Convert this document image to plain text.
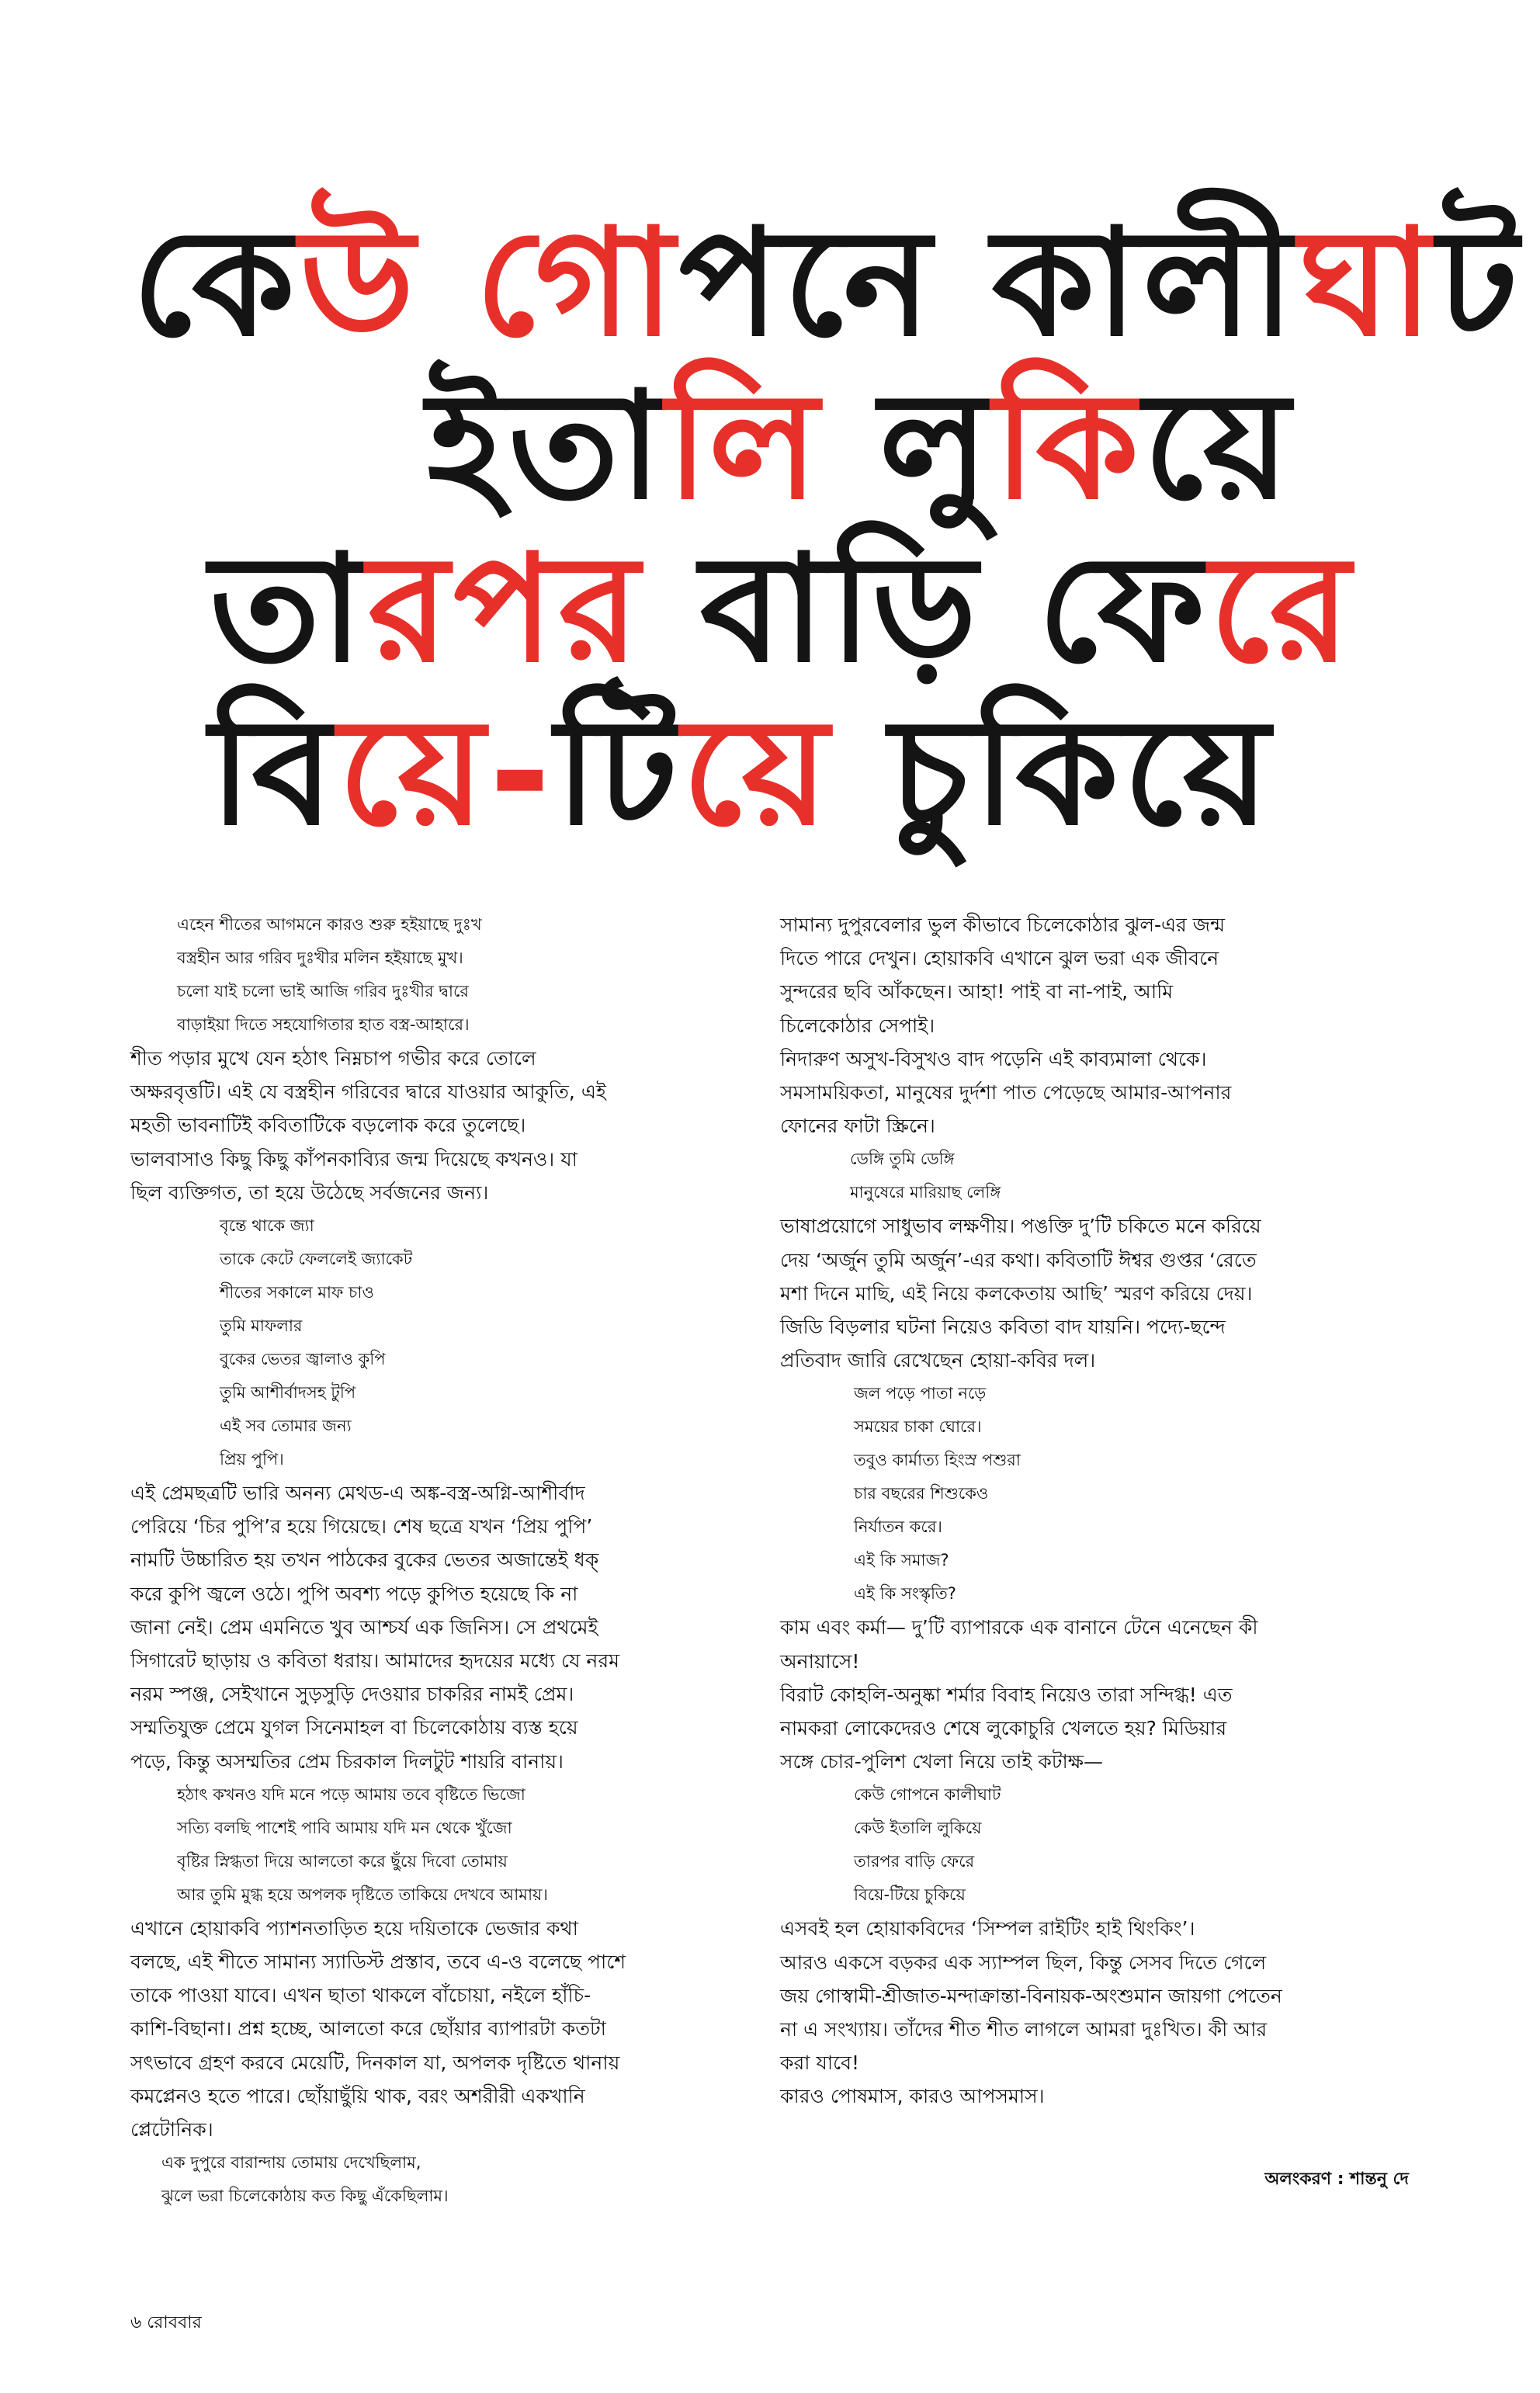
কেউ গোপনে কালীঘাট
ইতালি লুকিয়ে
তারপর বাড়ি ফেরে
বিয়ে-টিয়ে চুকিয়ে

এহেন শীতের আগমনে কারও শুরু হইয়াছে দুঃখ
বস্ত্রহীন আর গরিব দুঃখীর মলিন হইয়াছে মুখ।
চলো যাই চলো ভাই আজি গরিব দুঃখীর দ্বারে
বাড়াইয়া দিতে সহযোগিতার হাত বস্ত্র-আহারে।

শীত পড়ার মুখে যেন হঠাৎ নিম্নচাপ গভীর করে তোলে
অক্ষরবৃত্তটি। এই যে বস্ত্রহীন গরিবের দ্বারে যাওয়ার আকুতি, এই
মহতী ভাবনাটিই কবিতাটিকে বড়লোক করে তুলেছে।

ভালবাসাও কিছু কিছু কাঁপনকাব্যির জন্ম দিয়েছে কখনও। যা
ছিল ব্যক্তিগত, তা হয়ে উঠেছে সর্বজনের জন্য।

বৃন্তে থাকে জ্যা
তাকে কেটে ফেললেই জ্যাকেট
শীতের সকালে মাফ চাও
তুমি মাফলার
বুকের ভেতর জ্বালাও কুপি
তুমি আশীর্বাদসহ টুপি
এই সব তোমার জন্য
প্রিয় পুপি।

এই প্রেমছত্রটি ভারি অনন্য মেথড-এ অঙ্ক-বস্ত্র-অগ্নি-আশীর্বাদ
পেরিয়ে ‘চির পুপি’র হয়ে গিয়েছে। শেষ ছত্রে যখন ‘প্রিয় পুপি’
নামটি উচ্চারিত হয় তখন পাঠকের বুকের ভেতর অজান্তেই ধক্
করে কুপি জ্বলে ওঠে। পুপি অবশ্য পড়ে কুপিত হয়েছে কি না
জানা নেই। প্রেম এমনিতে খুব আশ্চর্য এক জিনিস। সে প্রথমেই
সিগারেট ছাড়ায় ও কবিতা ধরায়। আমাদের হৃদয়ের মধ্যে যে নরম
নরম স্পঞ্জ, সেইখানে সুড়সুড়ি দেওয়ার চাকরির নামই প্রেম।
সম্মতিযুক্ত প্রেমে যুগল সিনেমাহল বা চিলেকোঠায় ব্যস্ত হয়ে
পড়ে, কিন্তু অসম্মতির প্রেম চিরকাল দিলটুট শায়রি বানায়।

হঠাৎ কখনও যদি মনে পড়ে আমায় তবে বৃষ্টিতে ভিজো
সত্যি বলছি পাশেই পাবি আমায় যদি মন থেকে খুঁজো
বৃষ্টির স্নিগ্ধতা দিয়ে আলতো করে ছুঁয়ে দিবো তোমায়
আর তুমি মুগ্ধ হয়ে অপলক দৃষ্টিতে তাকিয়ে দেখবে আমায়।

এখানে হোয়াকবি প্যাশনতাড়িত হয়ে দয়িতাকে ভেজার কথা
বলছে, এই শীতে সামান্য স্যাডিস্ট প্রস্তাব, তবে এ-ও বলেছে পাশে
তাকে পাওয়া যাবে। এখন ছাতা থাকলে বাঁচোয়া, নইলে হাঁচি-
কাশি-বিছানা। প্রশ্ন হচ্ছে, আলতো করে ছোঁয়ার ব্যাপারটা কতটা
সৎভাবে গ্রহণ করবে মেয়েটি, দিনকাল যা, অপলক দৃষ্টিতে থানায়
কমপ্লেনও হতে পারে। ছোঁয়াছুঁয়ি থাক, বরং অশরীরী একখানি
প্লেটোনিক।

এক দুপুরে বারান্দায় তোমায় দেখেছিলাম,
ঝুলে ভরা চিলেকোঠায় কত কিছু এঁকেছিলাম।

সামান্য দুপুরবেলার ভুল কীভাবে চিলেকোঠার ঝুল-এর জন্ম
দিতে পারে দেখুন। হোয়াকবি এখানে ঝুল ভরা এক জীবনে
সুন্দরের ছবি আঁকছেন। আহা! পাই বা না-পাই, আমি
চিলেকোঠার সেপাই।

নিদারুণ অসুখ-বিসুখও বাদ পড়েনি এই কাব্যমালা থেকে।
সমসাময়িকতা, মানুষের দুর্দশা পাত পেড়েছে আমার-আপনার
ফোনের ফাটা স্ক্রিনে।

ডেঙ্গি তুমি ডেঙ্গি
মানুষেরে মারিয়াছ লেঙ্গি

ভাষাপ্রয়োগে সাধুভাব লক্ষণীয়। পঙক্তি দু’টি চকিতে মনে করিয়ে
দেয় ‘অর্জুন তুমি অর্জুন’-এর কথা। কবিতাটি ঈশ্বর গুপ্তর ‘রেতে
মশা দিনে মাছি, এই নিয়ে কলকেতায় আছি’ স্মরণ করিয়ে দেয়।

জিডি বিড়লার ঘটনা নিয়েও কবিতা বাদ যায়নি। পদ্যে-ছন্দে
প্রতিবাদ জারি রেখেছেন হোয়া-কবির দল।

জল পড়ে পাতা নড়ে
সময়ের চাকা ঘোরে।
তবুও কার্মাত্য হিংস্র পশুরা
চার বছরের শিশুকেও
নির্যাতন করে।
এই কি সমাজ?
এই কি সংস্কৃতি?

কাম এবং কর্মা— দু’টি ব্যাপারকে এক বানানে টেনে এনেছেন কী
অনায়াসে!

বিরাট কোহলি-অনুষ্কা শর্মার বিবাহ নিয়েও তারা সন্দিগ্ধ! এত
নামকরা লোকেদেরও শেষে লুকোচুরি খেলতে হয়? মিডিয়ার
সঙ্গে চোর-পুলিশ খেলা নিয়ে তাই কটাক্ষ—

কেউ গোপনে কালীঘাট
কেউ ইতালি লুকিয়ে
তারপর বাড়ি ফেরে
বিয়ে-টিয়ে চুকিয়ে

এসবই হল হোয়াকবিদের ‘সিম্পল রাইটিং হাই থিংকিং’।
আরও একসে বড়কর এক স্যাম্পল ছিল, কিন্তু সেসব দিতে গেলে
জয় গোস্বামী-শ্রীজাত-মন্দাক্রান্তা-বিনায়ক-অংশুমান জায়গা পেতেন
না এ সংখ্যায়। তাঁদের শীত শীত লাগলে আমরা দুঃখিত। কী আর
করা যাবে!

কারও পোষমাস, কারও আপসমাস।

অলংকরণ : শান্তনু দে
৬ রোববার
